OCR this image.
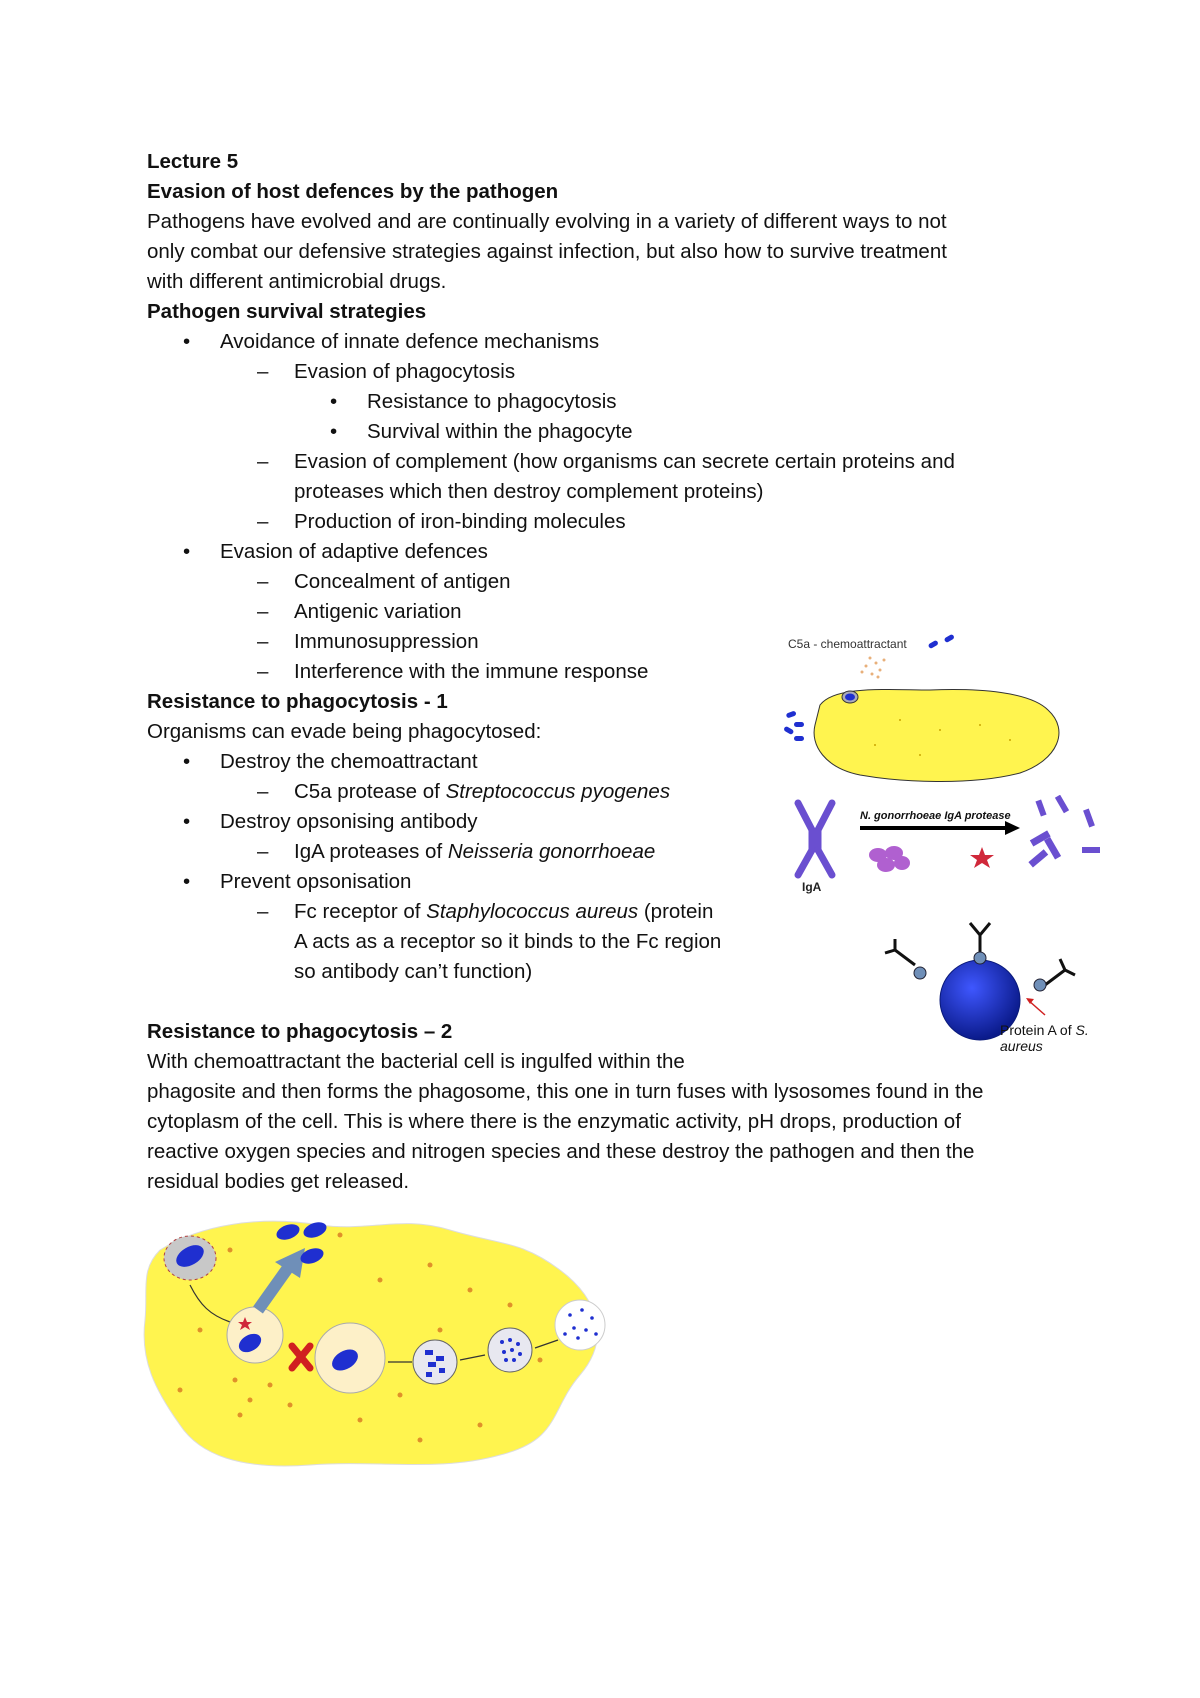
Lecture 5
Evasion of host defences by the pathogen
Pathogens have evolved and are continually evolving in a variety of different ways to not
only combat our defensive strategies against infection, but also how to survive treatment
with different antimicrobial drugs.
Pathogen survival strategies
• Avoidance of innate defence mechanisms
– Evasion of phagocytosis
• Resistance to phagocytosis
• Survival within the phagocyte
– Evasion of complement (how organisms can secrete certain proteins and
proteases which then destroy complement proteins)
– Production of iron-binding molecules
• Evasion of adaptive defences
– Concealment of antigen
– Antigenic variation
– Immunosuppression
– Interference with the immune response
Resistance to phagocytosis - 1
Organisms can evade being phagocytosed:
• Destroy the chemoattractant
– C5a protease of Streptococcus pyogenes
• Destroy opsonising antibody
– IgA proteases of Neisseria gonorrhoeae
• Prevent opsonisation
– Fc receptor of Staphylococcus aureus (protein
A acts as a receptor so it binds to the Fc region
so antibody can’t function)
Resistance to phagocytosis – 2
With chemoattractant the bacterial cell is ingulfed within the
phagosite and then forms the phagosome, this one in turn fuses with lysosomes found in the
cytoplasm of the cell. This is where there is the enzymatic activity, pH drops, production of
reactive oxygen species and nitrogen species and these destroy the pathogen and then the
residual bodies get released.
C5a - chemoattractant
IgA
N. gonorrhoeae IgA protease
Protein A of S.
aureus
